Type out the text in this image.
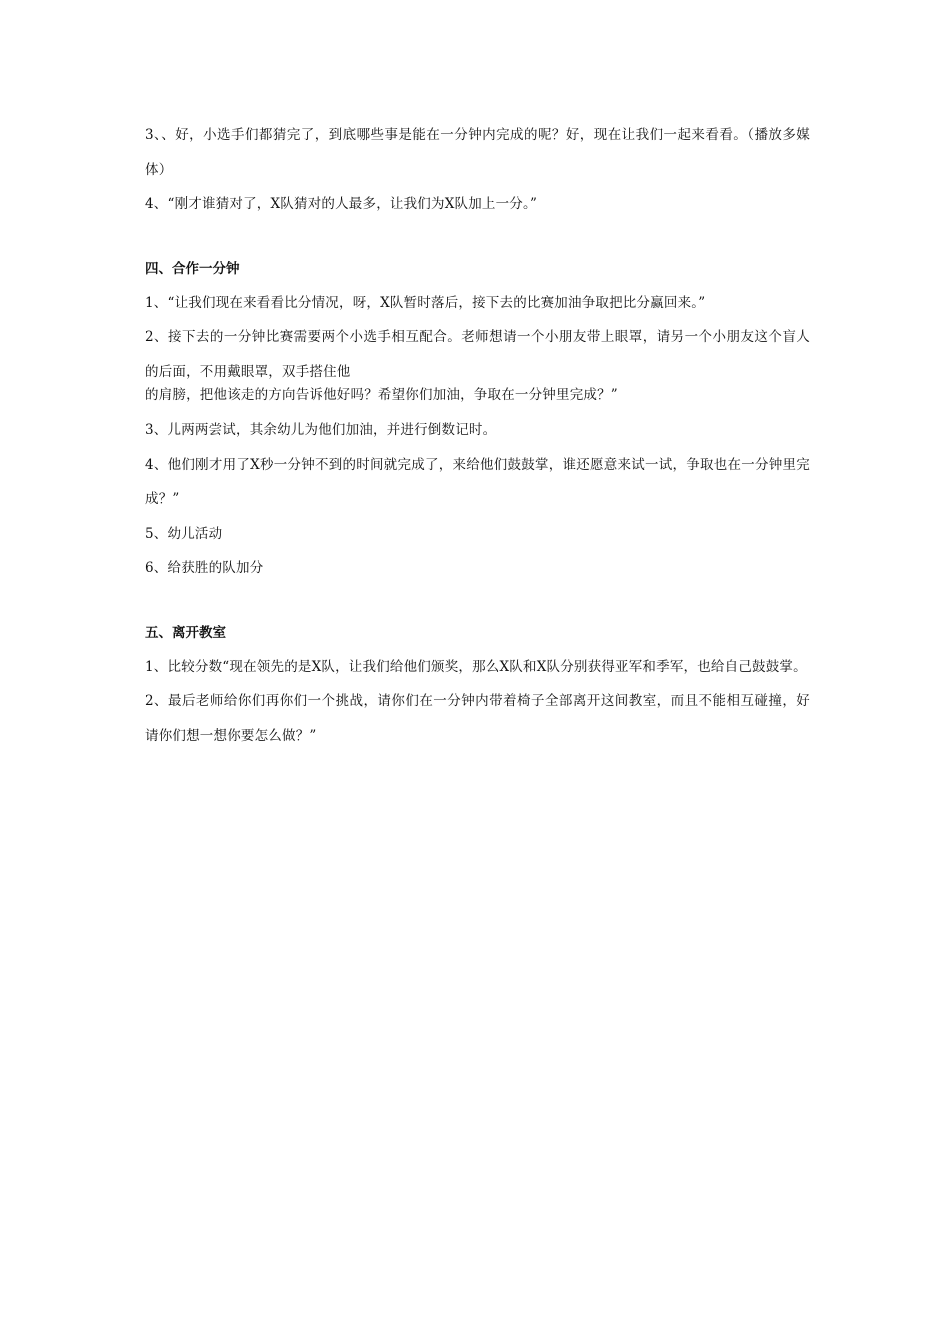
3、、好，小选手们都猜完了，到底哪些事是能在一分钟内完成的呢？好，现在让我们一起来看看。（播放多媒体）

4、“刚才谁猜对了，X队猜对的人最多，让我们为X队加上一分。”

四、合作一分钟

1、“让我们现在来看看比分情况，呀，X队暂时落后，接下去的比赛加油争取把比分赢回来。”

2、接下去的一分钟比赛需要两个小选手相互配合。老师想请一个小朋友带上眼罩，请另一个小朋友这个盲人的后面，不用戴眼罩，双手搭住他

的肩膀，把他该走的方向告诉他好吗？希望你们加油，争取在一分钟里完成？”

3、儿两两尝试，其余幼儿为他们加油，并进行倒数记时。

4、他们刚才用了X秒一分钟不到的时间就完成了，来给他们鼓鼓掌，谁还愿意来试一试，争取也在一分钟里完成？”

5、幼儿活动

6、给获胜的队加分

五、离开教室

1、比较分数“现在领先的是X队，让我们给他们颁奖，那么X队和X队分别获得亚军和季军，也给自己鼓鼓掌。

2、最后老师给你们再你们一个挑战，请你们在一分钟内带着椅子全部离开这间教室，而且不能相互碰撞，好请你们想一想你要怎么做？”
